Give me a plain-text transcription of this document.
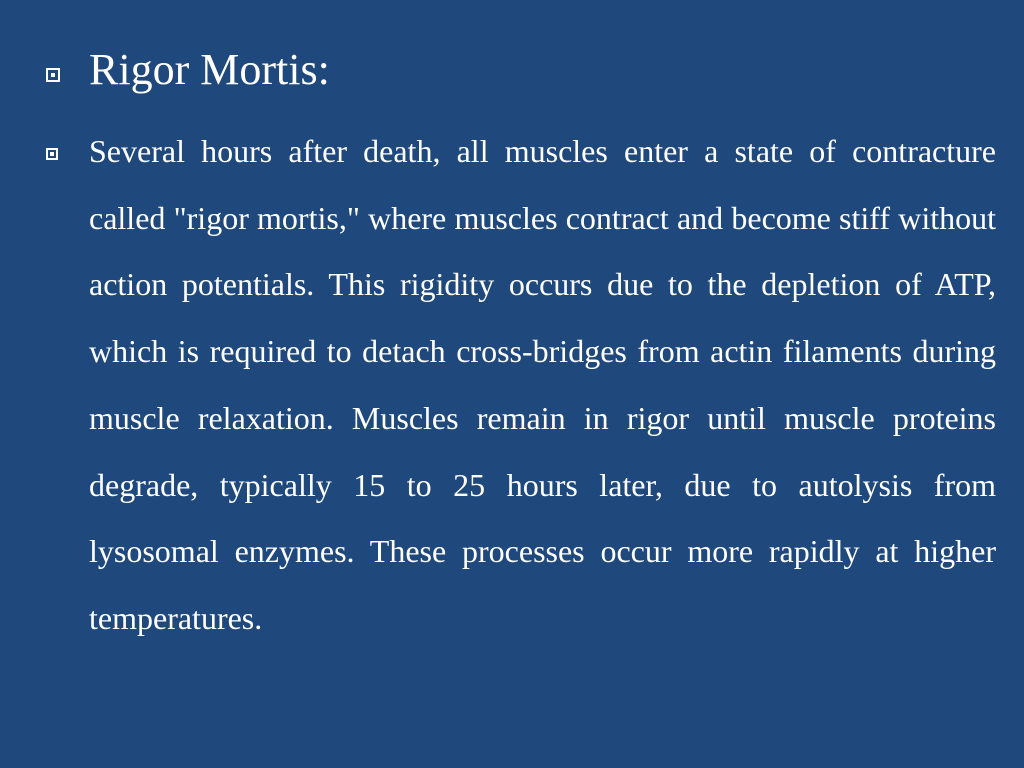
Rigor Mortis:
Several hours after death, all muscles enter a state of contracture called "rigor mortis," where muscles contract and become stiff without action potentials. This rigidity occurs due to the depletion of ATP, which is required to detach cross-bridges from actin filaments during muscle relaxation. Muscles remain in rigor until muscle proteins degrade, typically 15 to 25 hours later, due to autolysis from lysosomal enzymes. These processes occur more rapidly at higher temperatures.
